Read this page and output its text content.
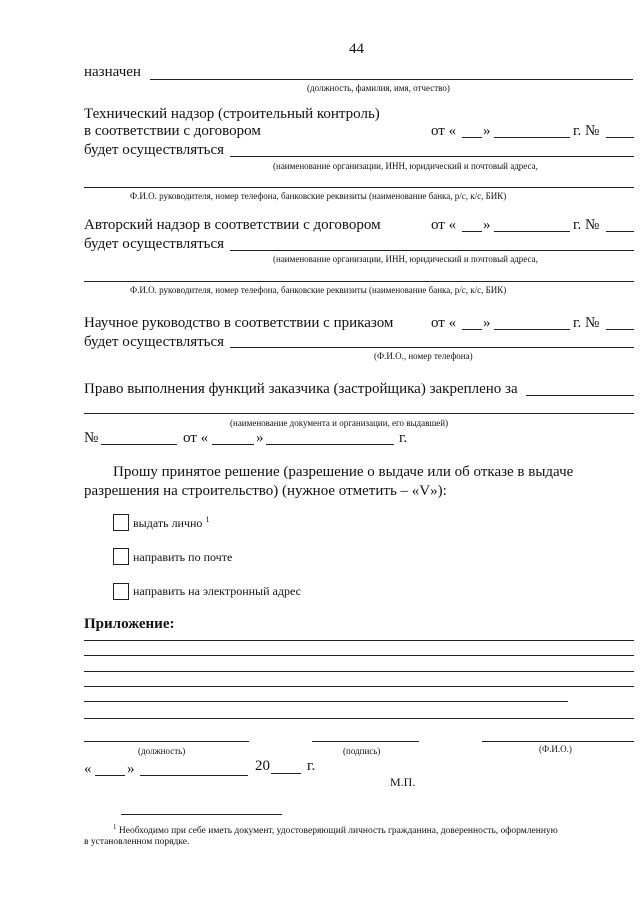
44
назначен
(должность, фамилия, имя, отчество)
Технический надзор (строительный контроль)
в соответствии с договором	от « »	г. №
будет осуществляться
(наименование организации, ИНН, юридический и почтовый адреса,
Ф.И.О. руководителя, номер телефона, банковские реквизиты (наименование банка, р/с, к/с, БИК)
Авторский надзор в соответствии с договором	от « »	г. №
будет осуществляться
(наименование организации, ИНН, юридический и почтовый адреса,
Ф.И.О. руководителя, номер телефона, банковские реквизиты (наименование банка, р/с, к/с, БИК)
Научное руководство в соответствии с приказом	от « »	г. №
будет осуществляться
(Ф.И.О., номер телефона)
Право выполнения функций заказчика (застройщика) закреплено за
(наименование документа и организации, его выдавшей)
№	от «	»	г.
Прошу принятое решение (разрешение о выдаче или об отказе в выдаче
разрешения на строительство) (нужное отметить – «V»):
выдать лично $^1$
направить по почте
направить на электронный адрес
Приложение:
(должность)	(подпись)	(Ф.И.О.)
« »	20 г.
М.П.
$^1$ Необходимо при себе иметь документ, удостоверяющий личность гражданина, доверенность, оформленную
в установленном порядке.
